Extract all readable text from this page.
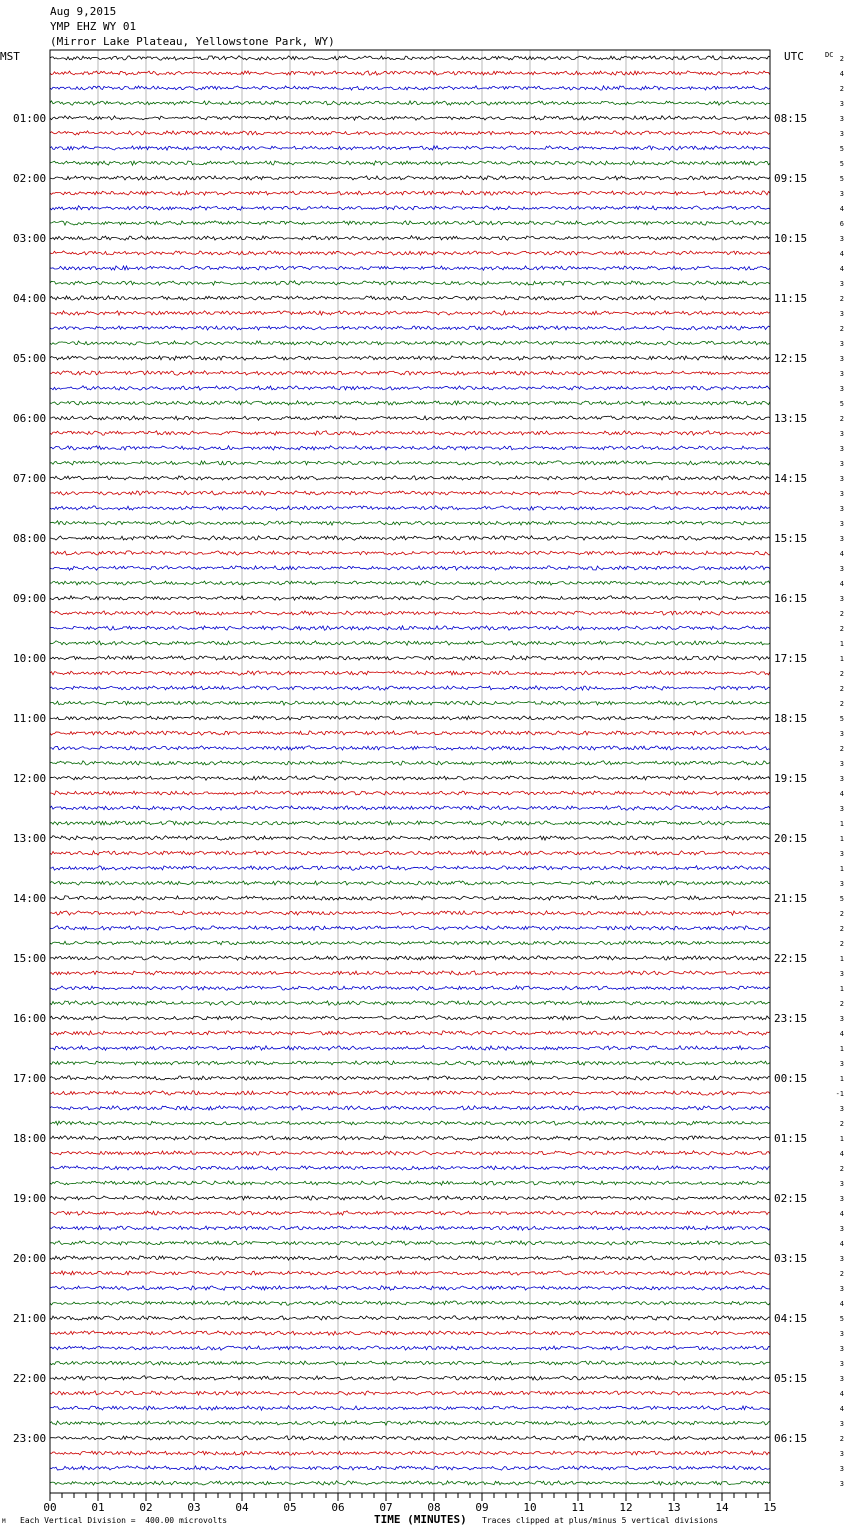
Aug 9,2015
YMP EHZ WY 01
(Mirror Lake Plateau, Yellowstone Park, WY)
MST	UTC	DC
01:00
02:00
03:00
04:00
05:00
06:00
07:00
08:00
09:00
10:00
11:00
12:00
13:00
14:00
15:00
16:00
17:00
18:00
19:00
20:00
21:00
22:00
23:00
08:15
09:15
10:15
11:15
12:15
13:15
14:15
15:15
16:15
17:15
18:15
19:15
20:15
21:15
22:15
23:15
00:15
01:15
02:15
03:15
04:15
05:15
06:15
2
4
2
3
3
3
5
5
5
3
4
6
3
4
4
3
2
3
2
3
3
3
3
5
2
3
3
3
3
3
3
3
3
4
3
4
3
2
2
1
1
2
2
2
5
3
2
3
3
4
3
1
1
3
1
3
5
2
2
2
1
3
1
2
3
4
1
3
1
-1
3
2
1
4
2
3
3
4
3
4
3
2
3
4
5
3
3
3
3
4
4
3
2
3
3
3
00	01	02	03	04	05	06	07	08	09	10	11	12	13	14	15
M Each Vertical Division =  400.00 microvolts	TIME (MINUTES) Traces clipped at plus/minus 5 vertical divisions
